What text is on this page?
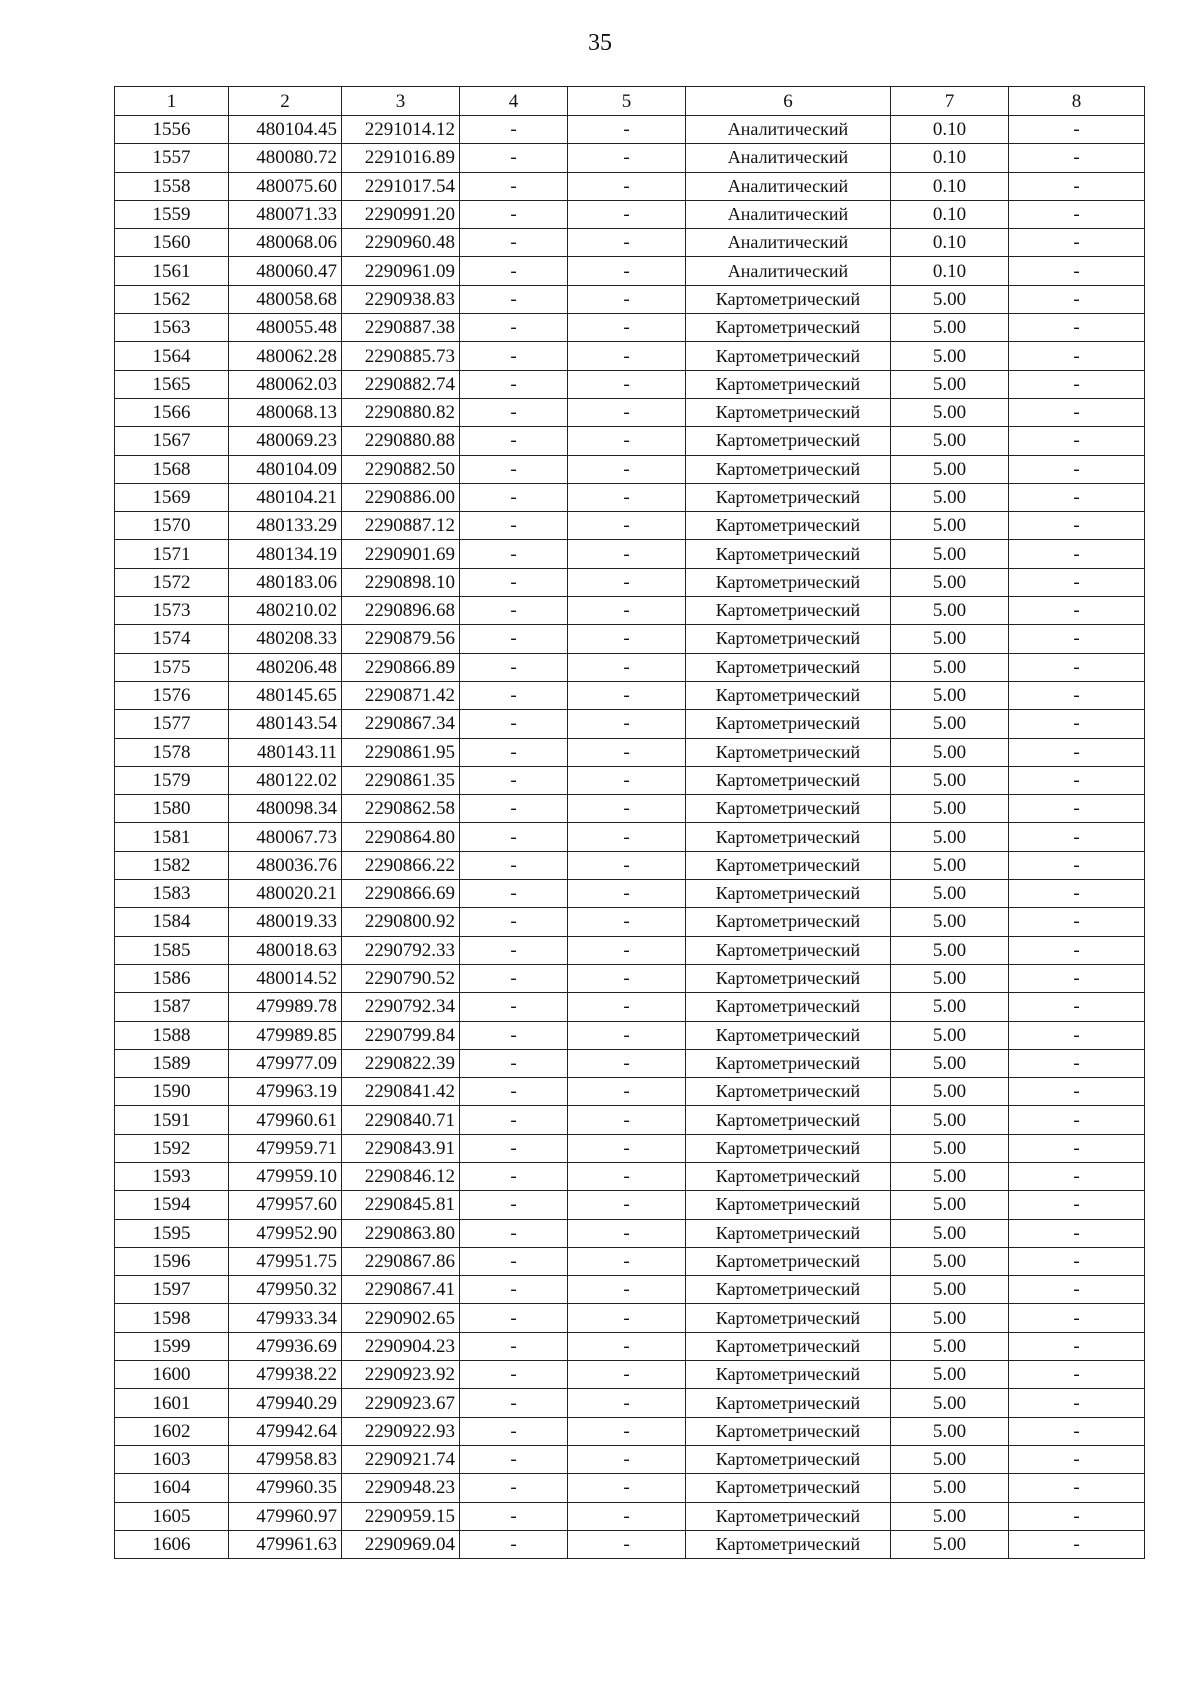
35
1	2	3	4	5	6	7	8
1556	480104.45	2291014.12	-	-	Аналитический	0.10	-
1557	480080.72	2291016.89	-	-	Аналитический	0.10	-
1558	480075.60	2291017.54	-	-	Аналитический	0.10	-
1559	480071.33	2290991.20	-	-	Аналитический	0.10	-
1560	480068.06	2290960.48	-	-	Аналитический	0.10	-
1561	480060.47	2290961.09	-	-	Аналитический	0.10	-
1562	480058.68	2290938.83	-	-	Картометрический	5.00	-
1563	480055.48	2290887.38	-	-	Картометрический	5.00	-
1564	480062.28	2290885.73	-	-	Картометрический	5.00	-
1565	480062.03	2290882.74	-	-	Картометрический	5.00	-
1566	480068.13	2290880.82	-	-	Картометрический	5.00	-
1567	480069.23	2290880.88	-	-	Картометрический	5.00	-
1568	480104.09	2290882.50	-	-	Картометрический	5.00	-
1569	480104.21	2290886.00	-	-	Картометрический	5.00	-
1570	480133.29	2290887.12	-	-	Картометрический	5.00	-
1571	480134.19	2290901.69	-	-	Картометрический	5.00	-
1572	480183.06	2290898.10	-	-	Картометрический	5.00	-
1573	480210.02	2290896.68	-	-	Картометрический	5.00	-
1574	480208.33	2290879.56	-	-	Картометрический	5.00	-
1575	480206.48	2290866.89	-	-	Картометрический	5.00	-
1576	480145.65	2290871.42	-	-	Картометрический	5.00	-
1577	480143.54	2290867.34	-	-	Картометрический	5.00	-
1578	480143.11	2290861.95	-	-	Картометрический	5.00	-
1579	480122.02	2290861.35	-	-	Картометрический	5.00	-
1580	480098.34	2290862.58	-	-	Картометрический	5.00	-
1581	480067.73	2290864.80	-	-	Картометрический	5.00	-
1582	480036.76	2290866.22	-	-	Картометрический	5.00	-
1583	480020.21	2290866.69	-	-	Картометрический	5.00	-
1584	480019.33	2290800.92	-	-	Картометрический	5.00	-
1585	480018.63	2290792.33	-	-	Картометрический	5.00	-
1586	480014.52	2290790.52	-	-	Картометрический	5.00	-
1587	479989.78	2290792.34	-	-	Картометрический	5.00	-
1588	479989.85	2290799.84	-	-	Картометрический	5.00	-
1589	479977.09	2290822.39	-	-	Картометрический	5.00	-
1590	479963.19	2290841.42	-	-	Картометрический	5.00	-
1591	479960.61	2290840.71	-	-	Картометрический	5.00	-
1592	479959.71	2290843.91	-	-	Картометрический	5.00	-
1593	479959.10	2290846.12	-	-	Картометрический	5.00	-
1594	479957.60	2290845.81	-	-	Картометрический	5.00	-
1595	479952.90	2290863.80	-	-	Картометрический	5.00	-
1596	479951.75	2290867.86	-	-	Картометрический	5.00	-
1597	479950.32	2290867.41	-	-	Картометрический	5.00	-
1598	479933.34	2290902.65	-	-	Картометрический	5.00	-
1599	479936.69	2290904.23	-	-	Картометрический	5.00	-
1600	479938.22	2290923.92	-	-	Картометрический	5.00	-
1601	479940.29	2290923.67	-	-	Картометрический	5.00	-
1602	479942.64	2290922.93	-	-	Картометрический	5.00	-
1603	479958.83	2290921.74	-	-	Картометрический	5.00	-
1604	479960.35	2290948.23	-	-	Картометрический	5.00	-
1605	479960.97	2290959.15	-	-	Картометрический	5.00	-
1606	479961.63	2290969.04	-	-	Картометрический	5.00	-
